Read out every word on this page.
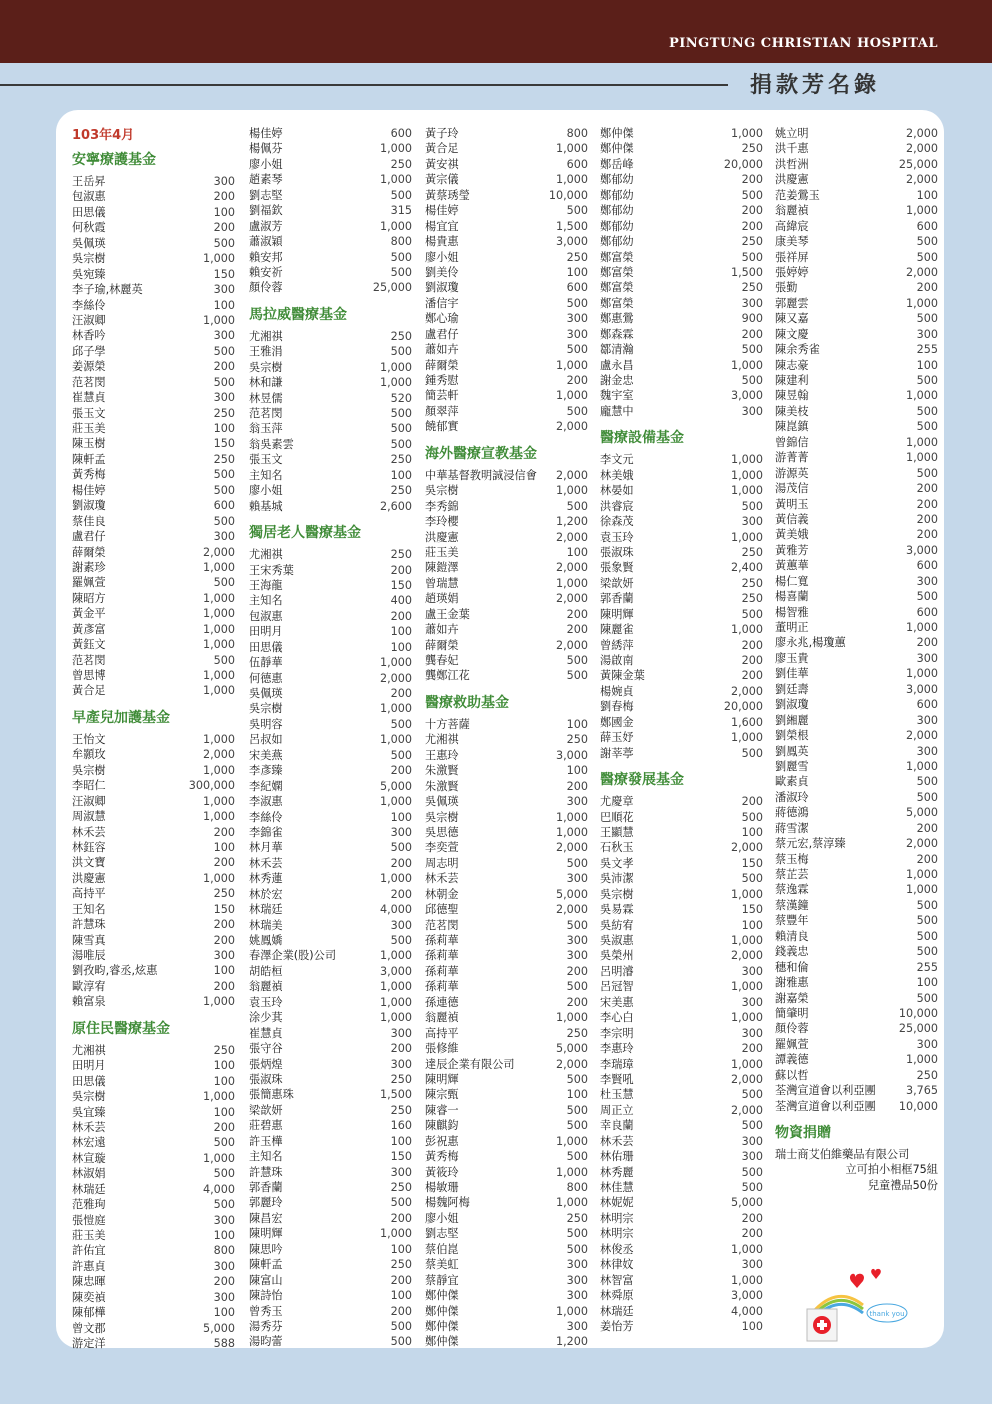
PINGTUNG CHRISTIAN HOSPITAL
捐款芳名錄
103年4月
安寧療護基金
王岳昇	300
包淑惠	200
田思儀	100
何秋霞	200
吳佩瑛	500
吳宗樹	1,000
吳宛臻	150
李子瑜,林麗英	300
李絲伶	100
汪淑卿	1,000
林香吟	300
邱子學	500
姜源榮	200
范茗閔	500
崔慧貞	300
張玉文	250
莊玉美	100
陳玉樹	150
陳軒孟	250
黃秀梅	500
楊佳婷	500
劉淑瓊	600
蔡佳良	500
盧君仔	300
薛爾榮	2,000
謝素珍	1,000
羅姵萱	500
陳昭方	1,000
黃金平	1,000
黃彥富	1,000
黃鈺文	1,000
范茗閔	500
曾思博	1,000
黃合足	1,000
早產兒加護基金
王怡文	1,000
牟顥玫	2,000
吳宗樹	1,000
李昭仁	300,000
汪淑卿	1,000
周淑慧	1,000
林禾芸	200
林鈺容	100
洪文寶	200
洪慶憲	1,000
高持平	250
王知名	150
許慧珠	200
陳雪真	200
湯唯辰	300
劉孜畇,睿丞,炫惠	100
歐淳宥	200
賴富泉	1,000
原住民醫療基金
尤湘祺	250
田明月	100
田思儀	100
吳宗樹	1,000
吳宜臻	100
林禾芸	200
林宏遠	500
林宣璇	1,000
林淑娟	500
林瑞廷	4,000
范雅珣	500
張愷庭	300
莊玉美	100
許佑宜	800
許惠貞	300
陳忠暉	200
陳奕禎	300
陳郁樺	100
曾文郡	5,000
游定洋	588
楊佳婷	600
楊佩芬	1,000
廖小姐	250
趙素琴	1,000
劉志堅	500
劉福欽	315
盧淑芳	1,000
蕭淑穎	800
賴安邦	500
賴安祈	500
顏伶蓉	25,000
馬拉威醫療基金
尤湘祺	250
王雅涓	500
吳宗樹	1,000
林和謙	1,000
林昱儒	520
范茗閔	500
翁玉萍	500
翁吳素雲	500
張玉文	250
主知名	100
廖小姐	250
賴基城	2,600
獨居老人醫療基金
尤湘祺	250
王宋秀葉	200
王海龍	150
主知名	400
包淑惠	200
田明月	100
田思儀	100
伍靜華	1,000
何德惠	2,000
吳佩瑛	200
吳宗樹	1,000
吳明容	500
呂叔如	1,000
宋美燕	500
李彥臻	200
李紀嫻	5,000
李淑惠	1,000
李絲伶	100
李錦雀	300
林月華	500
林禾芸	200
林秀蓮	1,000
林於宏	200
林瑞廷	4,000
林瑞美	300
姚鳳嬌	500
春澤企業(股)公司	1,000
胡皓桓	3,000
翁麗禎	1,000
袁玉玲	1,000
涂少萁	1,000
崔慧貞	300
張守谷	200
張炳煌	300
張淑珠	250
張簡惠珠	1,500
梁歆妍	250
莊碧惠	160
許玉樺	100
主知名	150
許慧珠	300
郭香蘭	250
郭麗玲	500
陳昌宏	200
陳明輝	1,000
陳思吟	100
陳軒孟	250
陳富山	200
陳詩怡	100
曾秀玉	200
湯秀芬	500
湯昀蕾	500
黃子玲	800
黃合足	1,000
黃安祺	600
黃宗儀	1,000
黃蔡琇瑩	10,000
楊佳婷	500
楊宜宜	1,500
楊貴惠	3,000
廖小姐	250
劉美伶	100
劉淑瓊	600
潘信宇	500
鄭心瑜	300
盧君仔	300
蕭如卉	500
薛爾榮	1,000
鍾秀慰	200
簡芸軒	1,000
顏翠萍	500
饒郁實	2,000
海外醫療宣教基金
中華基督教明誠浸信會 2,000
吳宗樹	1,000
李秀錦	500
李玲櫻	1,200
洪慶憲	2,000
莊玉美	100
陳鎧澤	2,000
曾瑞慧	1,000
趙瑛娟	2,000
盧王金葉	200
蕭如卉	200
薛爾榮	2,000
龔春妃	500
龔鄭江花	500
醫療救助基金
十方菩薩	100
尤湘祺	250
王惠玲	3,000
朱激賢	100
朱激賢	200
吳佩瑛	300
吳宗樹	1,000
吳思德	1,000
李奕萱	2,000
周志明	500
林禾芸	300
林朝金	5,000
邱德聖	2,000
范茗閔	500
孫莉華	300
孫莉華	300
孫莉華	200
孫莉華	500
孫連德	200
翁麗禎	1,000
高持平	250
張修維	5,000
達辰企業有限公司	2,000
陳明輝	500
陳宗甄	100
陳睿一	500
陳麒鈞	500
彭祝惠	1,000
黃秀梅	500
黃筱玲	1,000
楊敏珊	800
楊魏阿梅	1,000
廖小姐	250
劉志堅	500
蔡伯崑	500
蔡美虹	300
蔡靜宜	300
鄭仲傑	300
鄭仲傑	1,000
鄭仲傑	300
鄭仲傑	1,200
鄭仲傑	1,000
鄭仲傑	250
鄭岳峰	20,000
鄭郁幼	200
鄭郁幼	500
鄭郁幼	200
鄭郁幼	200
鄭郁幼	250
鄭富榮	500
鄭富榮	1,500
鄭富榮	250
鄭富榮	300
鄭惠鶯	900
鄭森霖	200
鄒清瀚	500
盧永昌	1,000
謝金忠	500
魏宇室	3,000
龐慧中	300
醫療設備基金
李文元	1,000
林美娥	1,000
林晏如	1,000
洪睿宸	500
徐森茂	300
袁玉玲	1,000
張淑珠	250
張象賢	2,400
梁歆妍	250
郭香蘭	250
陳明輝	500
陳麗雀	1,000
曾綉萍	200
湯啟南	200
黃陳金葉	200
楊婉貞	2,000
劉春梅	20,000
鄭國金	1,600
薛玉妤	1,000
謝莘葶	500
醫療發展基金
尤慶章	200
巴順花	500
王顯慧	100
石秋玉	2,000
吳文孝	150
吳沛潔	500
吳宗樹	1,000
吳易霖	150
吳紡宥	100
吳淑惠	1,000
吳榮州	2,000
呂明濬	300
呂冠智	1,000
宋美惠	300
李心白	1,000
李宗明	300
李惠玲	200
李瑞璋	1,000
李賢吼	2,000
杜玉慧	500
周正立	2,000
幸良蘭	500
林禾芸	300
林佑珊	300
林秀麗	500
林佳慧	500
林妮妮	5,000
林明宗	200
林明宗	200
林俊丞	1,000
林律妏	300
林智富	1,000
林舜原	3,000
林瑞廷	4,000
姜怡芳	100
姚立明	2,000
洪千惠	2,000
洪哲洲	25,000
洪慶憲	2,000
范姜鶯玉	100
翁麗禎	1,000
高緯宸	600
康美琴	500
張祥屏	500
張婷婷	2,000
張勤	200
郭麗雲	1,000
陳又嘉	500
陳文慶	300
陳余秀雀	255
陳志豪	100
陳建利	500
陳昱翰	1,000
陳美枝	500
陳崑鎮	500
曾錦信	1,000
游菁菁	1,000
游源英	500
湯茂信	200
黃明玉	200
黃信義	200
黃美娥	200
黃雅芳	3,000
黃蕙華	600
楊仁寬	300
楊喜蘭	500
楊智雅	600
董明正	1,000
廖永兆,楊瓊蕙	200
廖玉貴	300
劉佳華	1,000
劉廷壽	3,000
劉淑瓊	600
劉緗麗	300
劉榮根	2,000
劉鳳英	300
劉麗雪	1,000
歐素貞	500
潘淑玲	500
蔣德鴻	5,000
蔣雪潔	200
蔡元宏,蔡淳臻	2,000
蔡玉梅	200
蔡芷芸	1,000
蔡逸霖	1,000
蔡漢鐘	500
蔡豐年	500
賴清良	500
錢義忠	500
穗和倫	255
謝雅惠	100
謝嘉榮	500
簡肇明	10,000
顏伶蓉	25,000
羅姵萱	300
譚義德	1,000
蘇以哲	250
荃灣宣道會以利亞團	3,765
荃灣宣道會以利亞團 10,000
物資捐贈
瑞士商艾伯維藥品有限公司
立可拍小相框75組
兒童禮品50份
thank you
